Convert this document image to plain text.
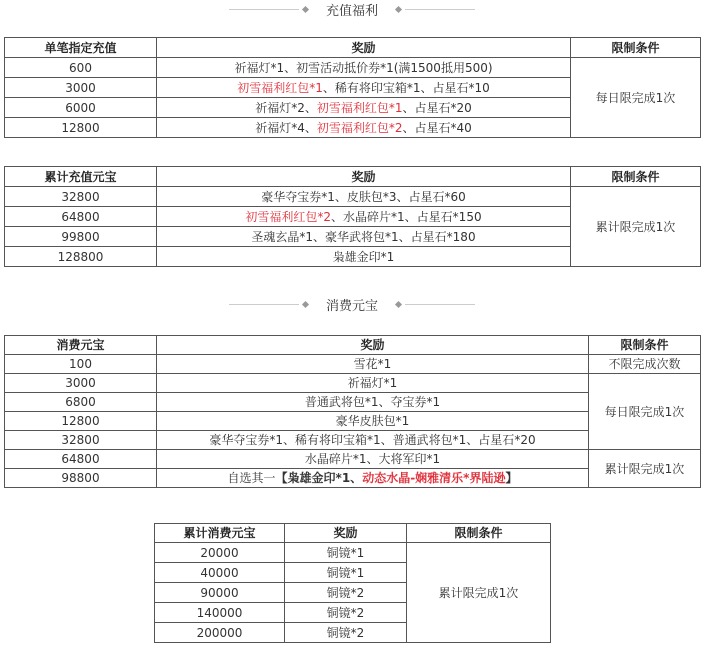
充值福利
单笔指定充值	奖励	限制条件
600	祈福灯*1、初雪活动抵价券*1(满1500抵用500)	每日限完成1次
3000	初雪福利红包*1、稀有将印宝箱*1、占星石*10	
6000	祈福灯*2、初雪福利红包*1、占星石*20	
12800	祈福灯*4、初雪福利红包*2、占星石*40	
累计充值元宝	奖励	限制条件
32800	豪华夺宝券*1、皮肤包*3、占星石*60	累计限完成1次
64800	初雪福利红包*2、水晶碎片*1、占星石*150	
99800	圣魂玄晶*1、豪华武将包*1、占星石*180	
128800	枭雄金印*1	
消费元宝
消费元宝	奖励	限制条件
100	雪花*1	不限完成次数
3000	祈福灯*1	每日限完成1次
6800	普通武将包*1、夺宝券*1	
12800	豪华皮肤包*1	
32800	豪华夺宝券*1、稀有将印宝箱*1、普通武将包*1、占星石*20	
64800	水晶碎片*1、大将军印*1	累计限完成1次
98800	自选其一【枭雄金印*1、动态水晶-娴雅清乐*界陆逊】	
累计消费元宝	奖励	限制条件
20000	铜镜*1	累计限完成1次
40000	铜镜*1	
90000	铜镜*2	
140000	铜镜*2	
200000	铜镜*2	
